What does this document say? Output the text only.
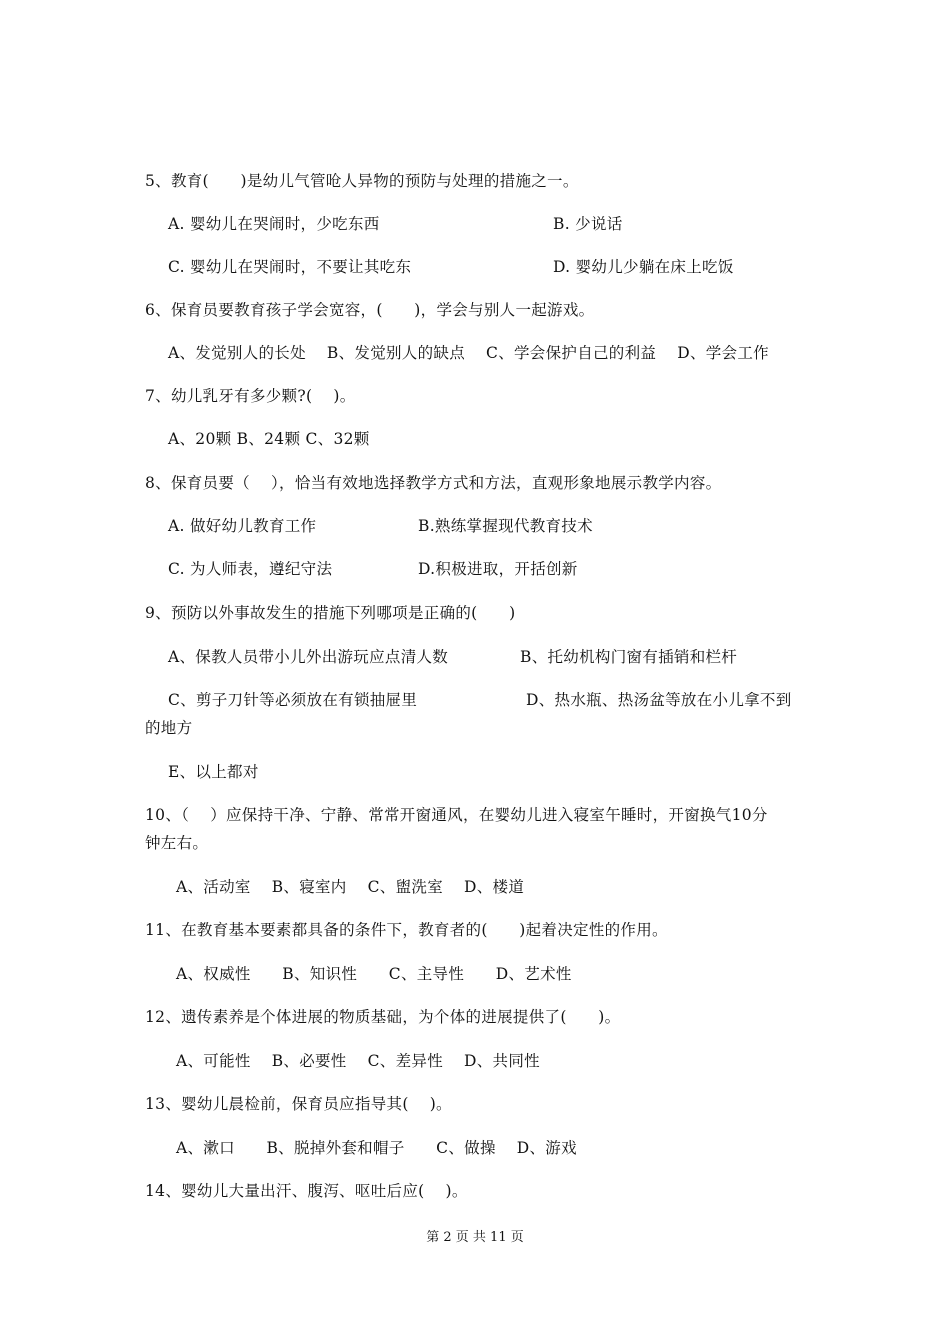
5、教育(　　)是幼儿气管呛人异物的预防与处理的措施之一。
A. 婴幼儿在哭闹时，少吃东西	B. 少说话
C. 婴幼儿在哭闹时，不要让其吃东	D. 婴幼儿少躺在床上吃饭
6、保育员要教育孩子学会宽容，(　　)，学会与别人一起游戏。
A、发觉别人的长处　 B、发觉别人的缺点　 C、学会保护自己的利益　 D、学会工作
7、幼儿乳牙有多少颗?(　 )。
A、20颗 B、24颗 C、32颗
8、保育员要（　 ），恰当有效地选择教学方式和方法，直观形象地展示教学内容。
A. 做好幼儿教育工作	B.熟练掌握现代教育技术
C. 为人师表，遵纪守法	D.积极进取，开括创新
9、预防以外事故发生的措施下列哪项是正确的(　　)
A、保教人员带小儿外出游玩应点清人数	B、托幼机构门窗有插销和栏杆
C、剪子刀针等必须放在有锁抽屉里	D、热水瓶、热汤盆等放在小儿拿不到
的地方
E、以上都对
10、（　 ）应保持干净、宁静、常常开窗通风，在婴幼儿进入寝室午睡时，开窗换气10分
钟左右。
A、活动室　 B、寝室内　 C、盥洗室　 D、楼道
11、在教育基本要素都具备的条件下，教育者的(　　)起着决定性的作用。
A、权威性　　B、知识性　　C、主导性　　D、艺术性
12、遗传素养是个体进展的物质基础，为个体的进展提供了(　　)。
A、可能性　 B、必要性　 C、差异性　 D、共同性
13、婴幼儿晨检前，保育员应指导其(　 )。
A、漱口　　B、脱掉外套和帽子　　C、做操　 D、游戏
14、婴幼儿大量出汗、腹泻、呕吐后应(　 )。
第 2 页 共 11 页
